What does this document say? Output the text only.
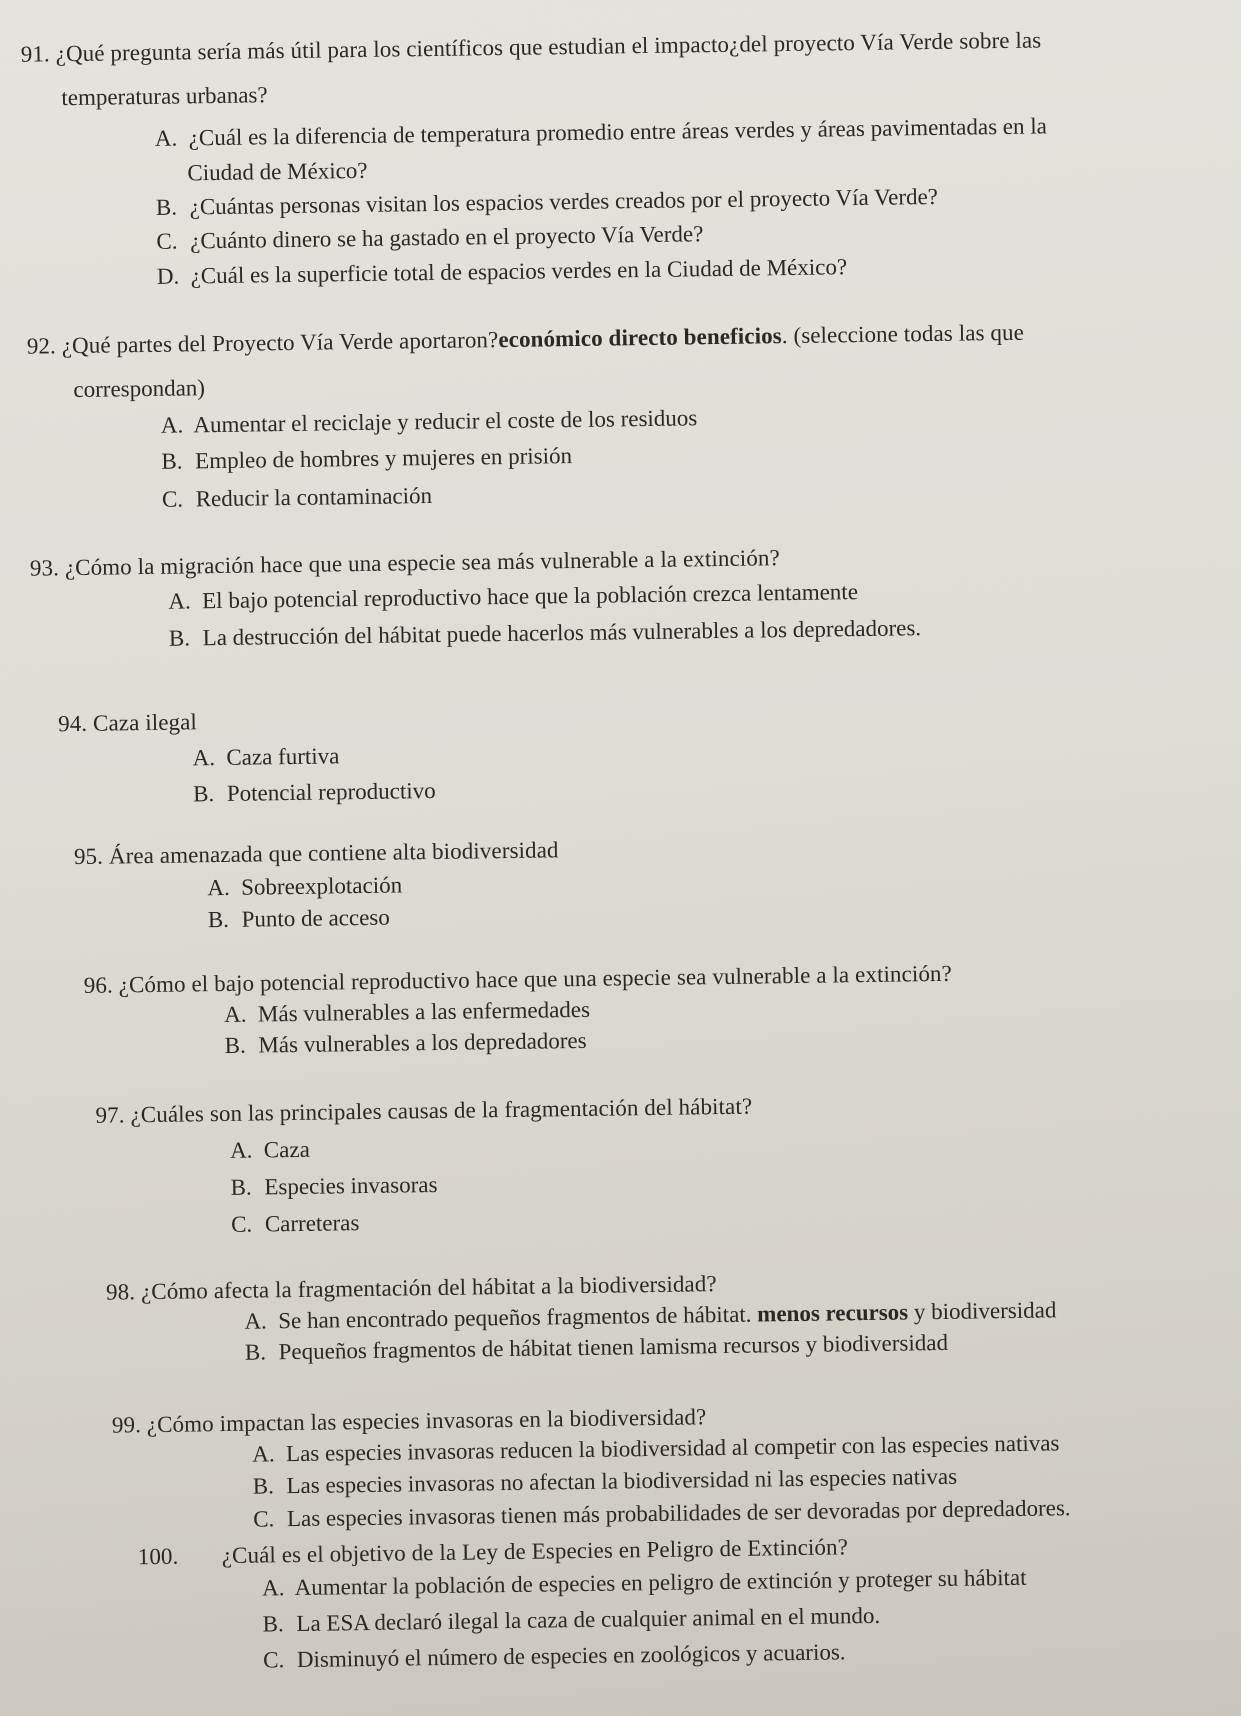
91. ¿Qué pregunta sería más útil para los científicos que estudian el impacto¿del proyecto Vía Verde sobre las
temperaturas urbanas?
A. ¿Cuál es la diferencia de temperatura promedio entre áreas verdes y áreas pavimentadas en la
Ciudad de México?
B. ¿Cuántas personas visitan los espacios verdes creados por el proyecto Vía Verde?
C. ¿Cuánto dinero se ha gastado en el proyecto Vía Verde?
D. ¿Cuál es la superficie total de espacios verdes en la Ciudad de México?
92. ¿Qué partes del Proyecto Vía Verde aportaron?económico directo beneficios. (seleccione todas las que
correspondan)
A. Aumentar el reciclaje y reducir el coste de los residuos
B. Empleo de hombres y mujeres en prisión
C. Reducir la contaminación
93. ¿Cómo la migración hace que una especie sea más vulnerable a la extinción?
A. El bajo potencial reproductivo hace que la población crezca lentamente
B. La destrucción del hábitat puede hacerlos más vulnerables a los depredadores.
94. Caza ilegal
A. Caza furtiva
B. Potencial reproductivo
95. Área amenazada que contiene alta biodiversidad
A. Sobreexplotación
B. Punto de acceso
96. ¿Cómo el bajo potencial reproductivo hace que una especie sea vulnerable a la extinción?
A. Más vulnerables a las enfermedades
B. Más vulnerables a los depredadores
97. ¿Cuáles son las principales causas de la fragmentación del hábitat?
A. Caza
B. Especies invasoras
C. Carreteras
98. ¿Cómo afecta la fragmentación del hábitat a la biodiversidad?
A. Se han encontrado pequeños fragmentos de hábitat. menos recursos y biodiversidad
B. Pequeños fragmentos de hábitat tienen lamisma recursos y biodiversidad
99. ¿Cómo impactan las especies invasoras en la biodiversidad?
A. Las especies invasoras reducen la biodiversidad al competir con las especies nativas
B. Las especies invasoras no afectan la biodiversidad ni las especies nativas
C. Las especies invasoras tienen más probabilidades de ser devoradas por depredadores.
100. ¿Cuál es el objetivo de la Ley de Especies en Peligro de Extinción?
A. Aumentar la población de especies en peligro de extinción y proteger su hábitat
B. La ESA declaró ilegal la caza de cualquier animal en el mundo.
C. Disminuyó el número de especies en zoológicos y acuarios.
